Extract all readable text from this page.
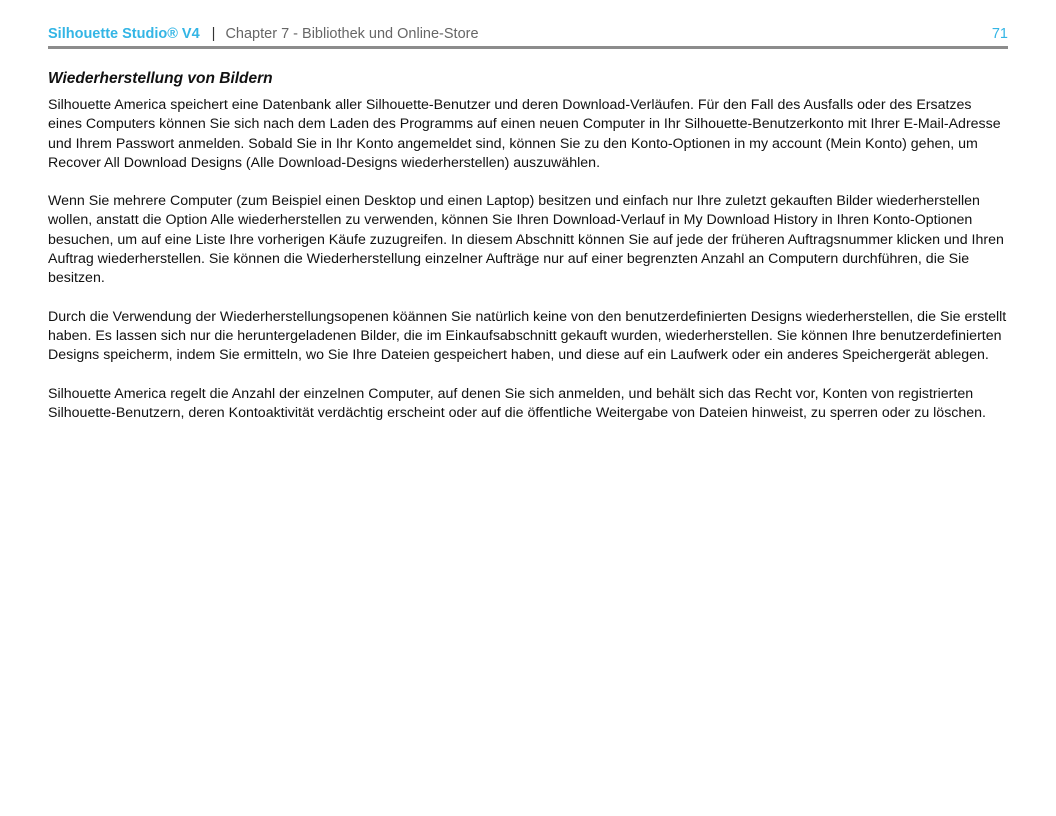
Silhouette Studio® V4 | Chapter 7 - Bibliothek und Online-Store	71
Wiederherstellung von Bildern

Silhouette America speichert eine Datenbank aller Silhouette-Benutzer und deren Download-Verläufen. Für den Fall des Ausfalls oder des Ersatzes eines Computers können Sie sich nach dem Laden des Programms auf einen neuen Computer in Ihr Silhouette-Benutzerkonto mit Ihrer E-Mail-Adresse und Ihrem Passwort anmelden. Sobald Sie in Ihr Konto angemeldet sind, können Sie zu den Konto-Optionen in my account (Mein Konto) gehen, um Recover All Download Designs (Alle Download-Designs wiederherstellen) auszuwählen.

Wenn Sie mehrere Computer (zum Beispiel einen Desktop und einen Laptop) besitzen und einfach nur Ihre zuletzt gekauften Bilder wiederherstellen wollen, anstatt die Option Alle wiederherstellen zu verwenden, können Sie Ihren Download-Verlauf in My Download History in Ihren Konto-Optionen besuchen, um auf eine Liste Ihre vorherigen Käufe zuzugreifen. In diesem Abschnitt können Sie auf jede der früheren Auftragsnummer klicken und Ihren Auftrag wiederherstellen. Sie können die Wiederherstellung einzelner Aufträge nur auf einer begrenzten Anzahl an Computern durchführen, die Sie besitzen.

Durch die Verwendung der Wiederherstellungsopenen köännen Sie natürlich keine von den benutzerdefinierten Designs wiederherstellen, die Sie erstellt haben. Es lassen sich nur die heruntergeladenen Bilder, die im Einkaufsabschnitt gekauft wurden, wiederherstellen. Sie können Ihre benutzerdefinierten Designs speicherm, indem Sie ermitteln, wo Sie Ihre Dateien gespeichert haben, und diese auf ein Laufwerk oder ein anderes Speichergerät ablegen.

Silhouette America regelt die Anzahl der einzelnen Computer, auf denen Sie sich anmelden, und behält sich das Recht vor, Konten von registrierten Silhouette-Benutzern, deren Kontoaktivität verdächtig erscheint oder auf die öffentliche Weitergabe von Dateien hinweist, zu sperren oder zu löschen.
